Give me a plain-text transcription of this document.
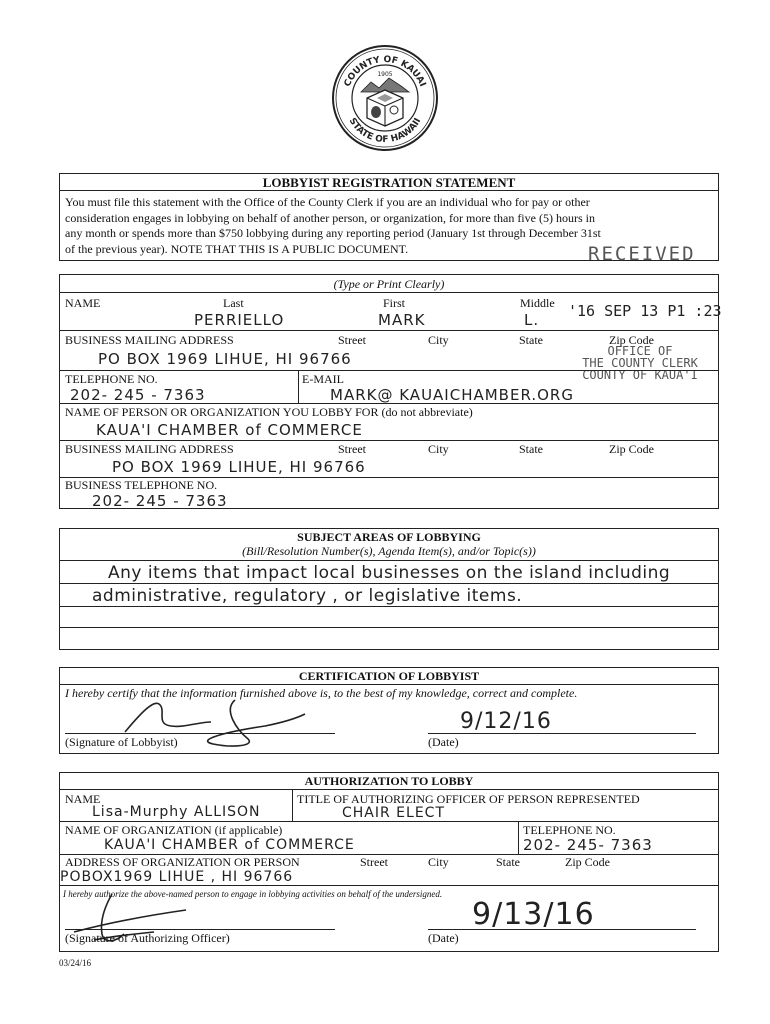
COUNTY OF KAUAI
STATE OF HAWAII
1905
LOBBYIST REGISTRATION STATEMENT
You must file this statement with the Office of the County Clerk if you are an individual who for pay or other
consideration engages in lobbying on behalf of another person, or organization, for more than five (5) hours in
any month or spends more than $750 lobbying during any reporting period (January 1st through December 31st
of the previous year). NOTE THAT THIS IS A PUBLIC DOCUMENT.	RECEIVED
'16 SEP 13 P1 :23
OFFICE OF
THE COUNTY CLERK
COUNTY OF KAUA'I
(Type or Print Clearly)
NAME	Last	First	Middle
PERRIELLO	MARK	L.
BUSINESS MAILING ADDRESS	Street	City	State	Zip Code
PO BOX 1969 LIHUE, HI 96766
TELEPHONE NO.	E-MAIL
202- 245 - 7363	MARK@ KAUAICHAMBER.ORG
NAME OF PERSON OR ORGANIZATION YOU LOBBY FOR (do not abbreviate)
KAUA'I CHAMBER of COMMERCE
BUSINESS MAILING ADDRESS	Street	City	State	Zip Code
PO BOX 1969 LIHUE, HI 96766
BUSINESS TELEPHONE NO.
202- 245 - 7363
SUBJECT AREAS OF LOBBYING
(Bill/Resolution Number(s), Agenda Item(s), and/or Topic(s))
Any items that impact local businesses on the island including
administrative, regulatory , or legislative items.
CERTIFICATION OF LOBBYIST
I hereby certify that the information furnished above is, to the best of my knowledge, correct and complete.
(Signature of Lobbyist)
9/12/16
(Date)
AUTHORIZATION TO LOBBY
NAME	TITLE OF AUTHORIZING OFFICER OF PERSON REPRESENTED
Lisa-Murphy ALLISON	CHAIR ELECT
NAME OF ORGANIZATION (if applicable)	TELEPHONE NO.
KAUA'I CHAMBER of COMMERCE	202- 245- 7363
ADDRESS OF ORGANIZATION OR PERSON	Street	City	State	Zip Code
POBOX1969 LIHUE , HI 96766
I hereby authorize the above-named person to engage in lobbying activities on behalf of the undersigned.
(Signature of Authorizing Officer)
9/13/16
(Date)
03/24/16
